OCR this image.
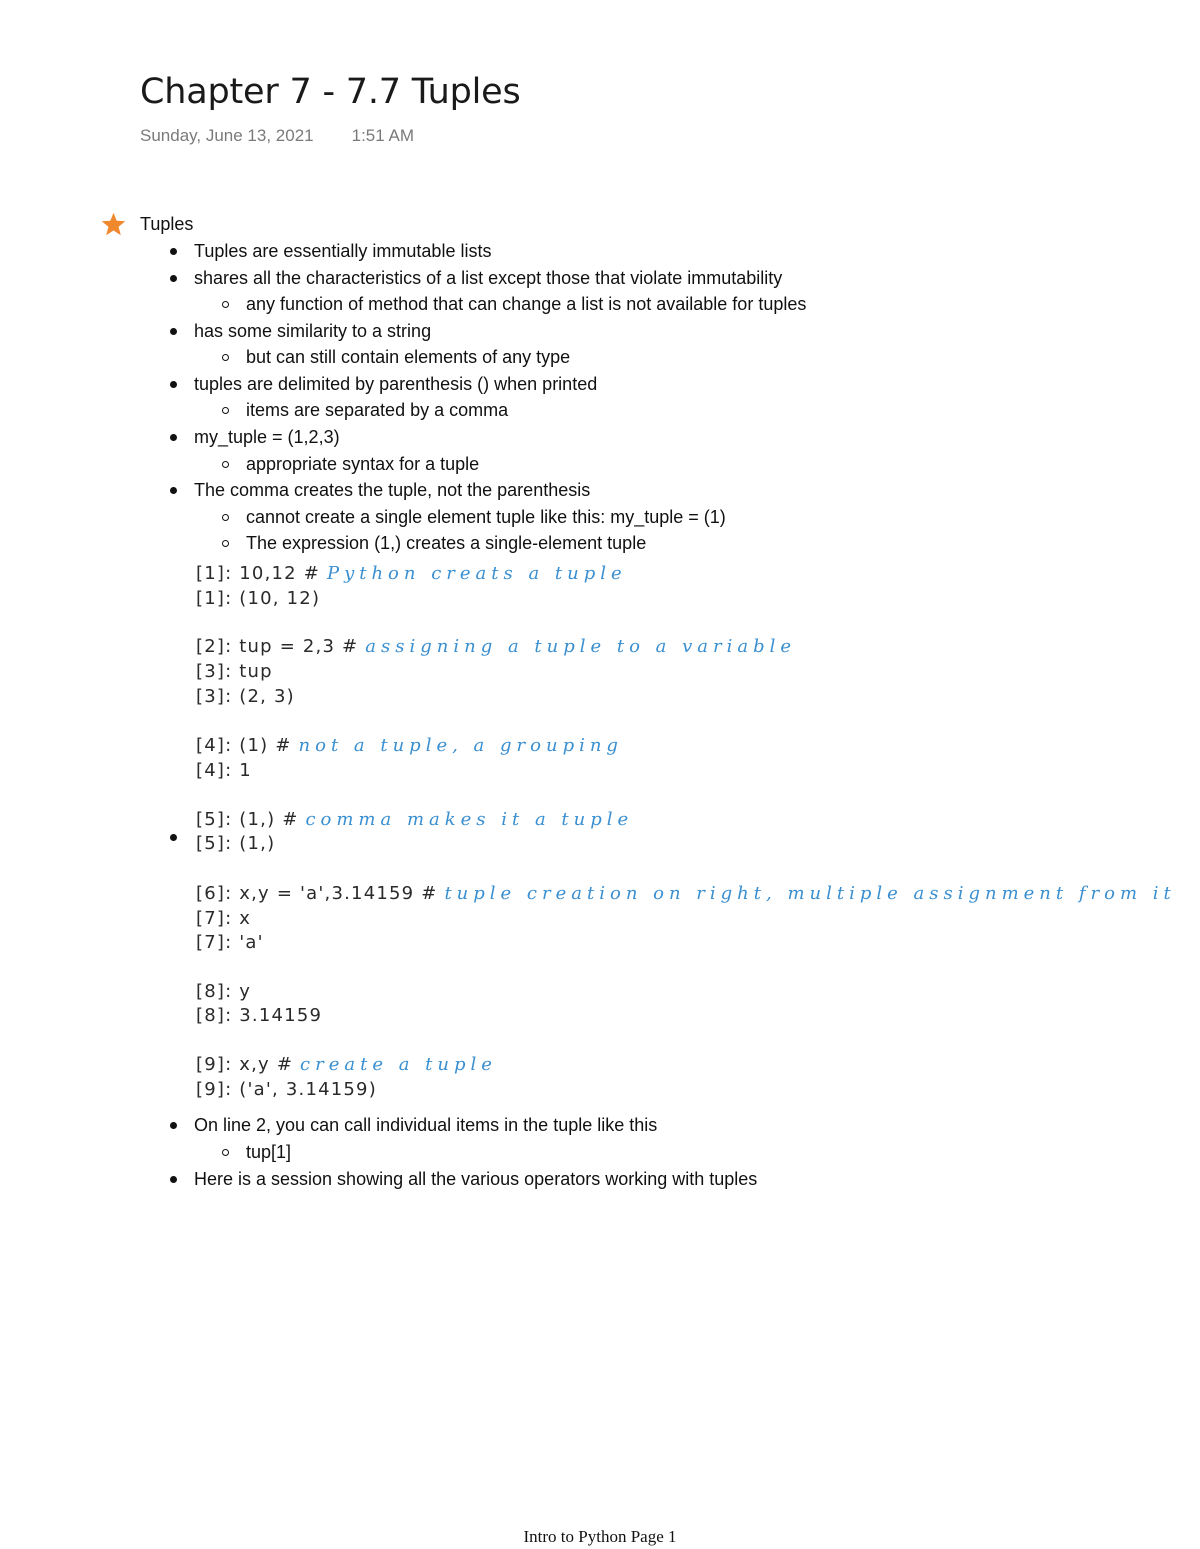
Chapter 7 - 7.7 Tuples
Sunday, June 13, 2021 1:51 AM
Tuples
Tuples are essentially immutable lists
shares all the characteristics of a list except those that violate immutability
any function of method that can change a list is not available for tuples
has some similarity to a string
but can still contain elements of any type
tuples are delimited by parenthesis () when printed
items are separated by a comma
my_tuple = (1,2,3)
appropriate syntax for a tuple
The comma creates the tuple, not the parenthesis
cannot create a single element tuple like this: my_tuple = (1)
The expression (1,) creates a single-element tuple
[1]: 10,12 # Python creats a tuple
[1]: (10, 12)
[2]: tup = 2,3 # assigning a tuple to a variable
[3]: tup
[3]: (2, 3)
[4]: (1) # not a tuple, a grouping
[4]: 1
[5]: (1,) # comma makes it a tuple
[5]: (1,)
[6]: x,y = 'a',3.14159 # tuple creation on right, multiple assignment from it
[7]: x
[7]: 'a'
[8]: y
[8]: 3.14159
[9]: x,y # create a tuple
[9]: ('a', 3.14159)
On line 2, you can call individual items in the tuple like this
tup[1]
Here is a session showing all the various operators working with tuples
Intro to Python Page 1
